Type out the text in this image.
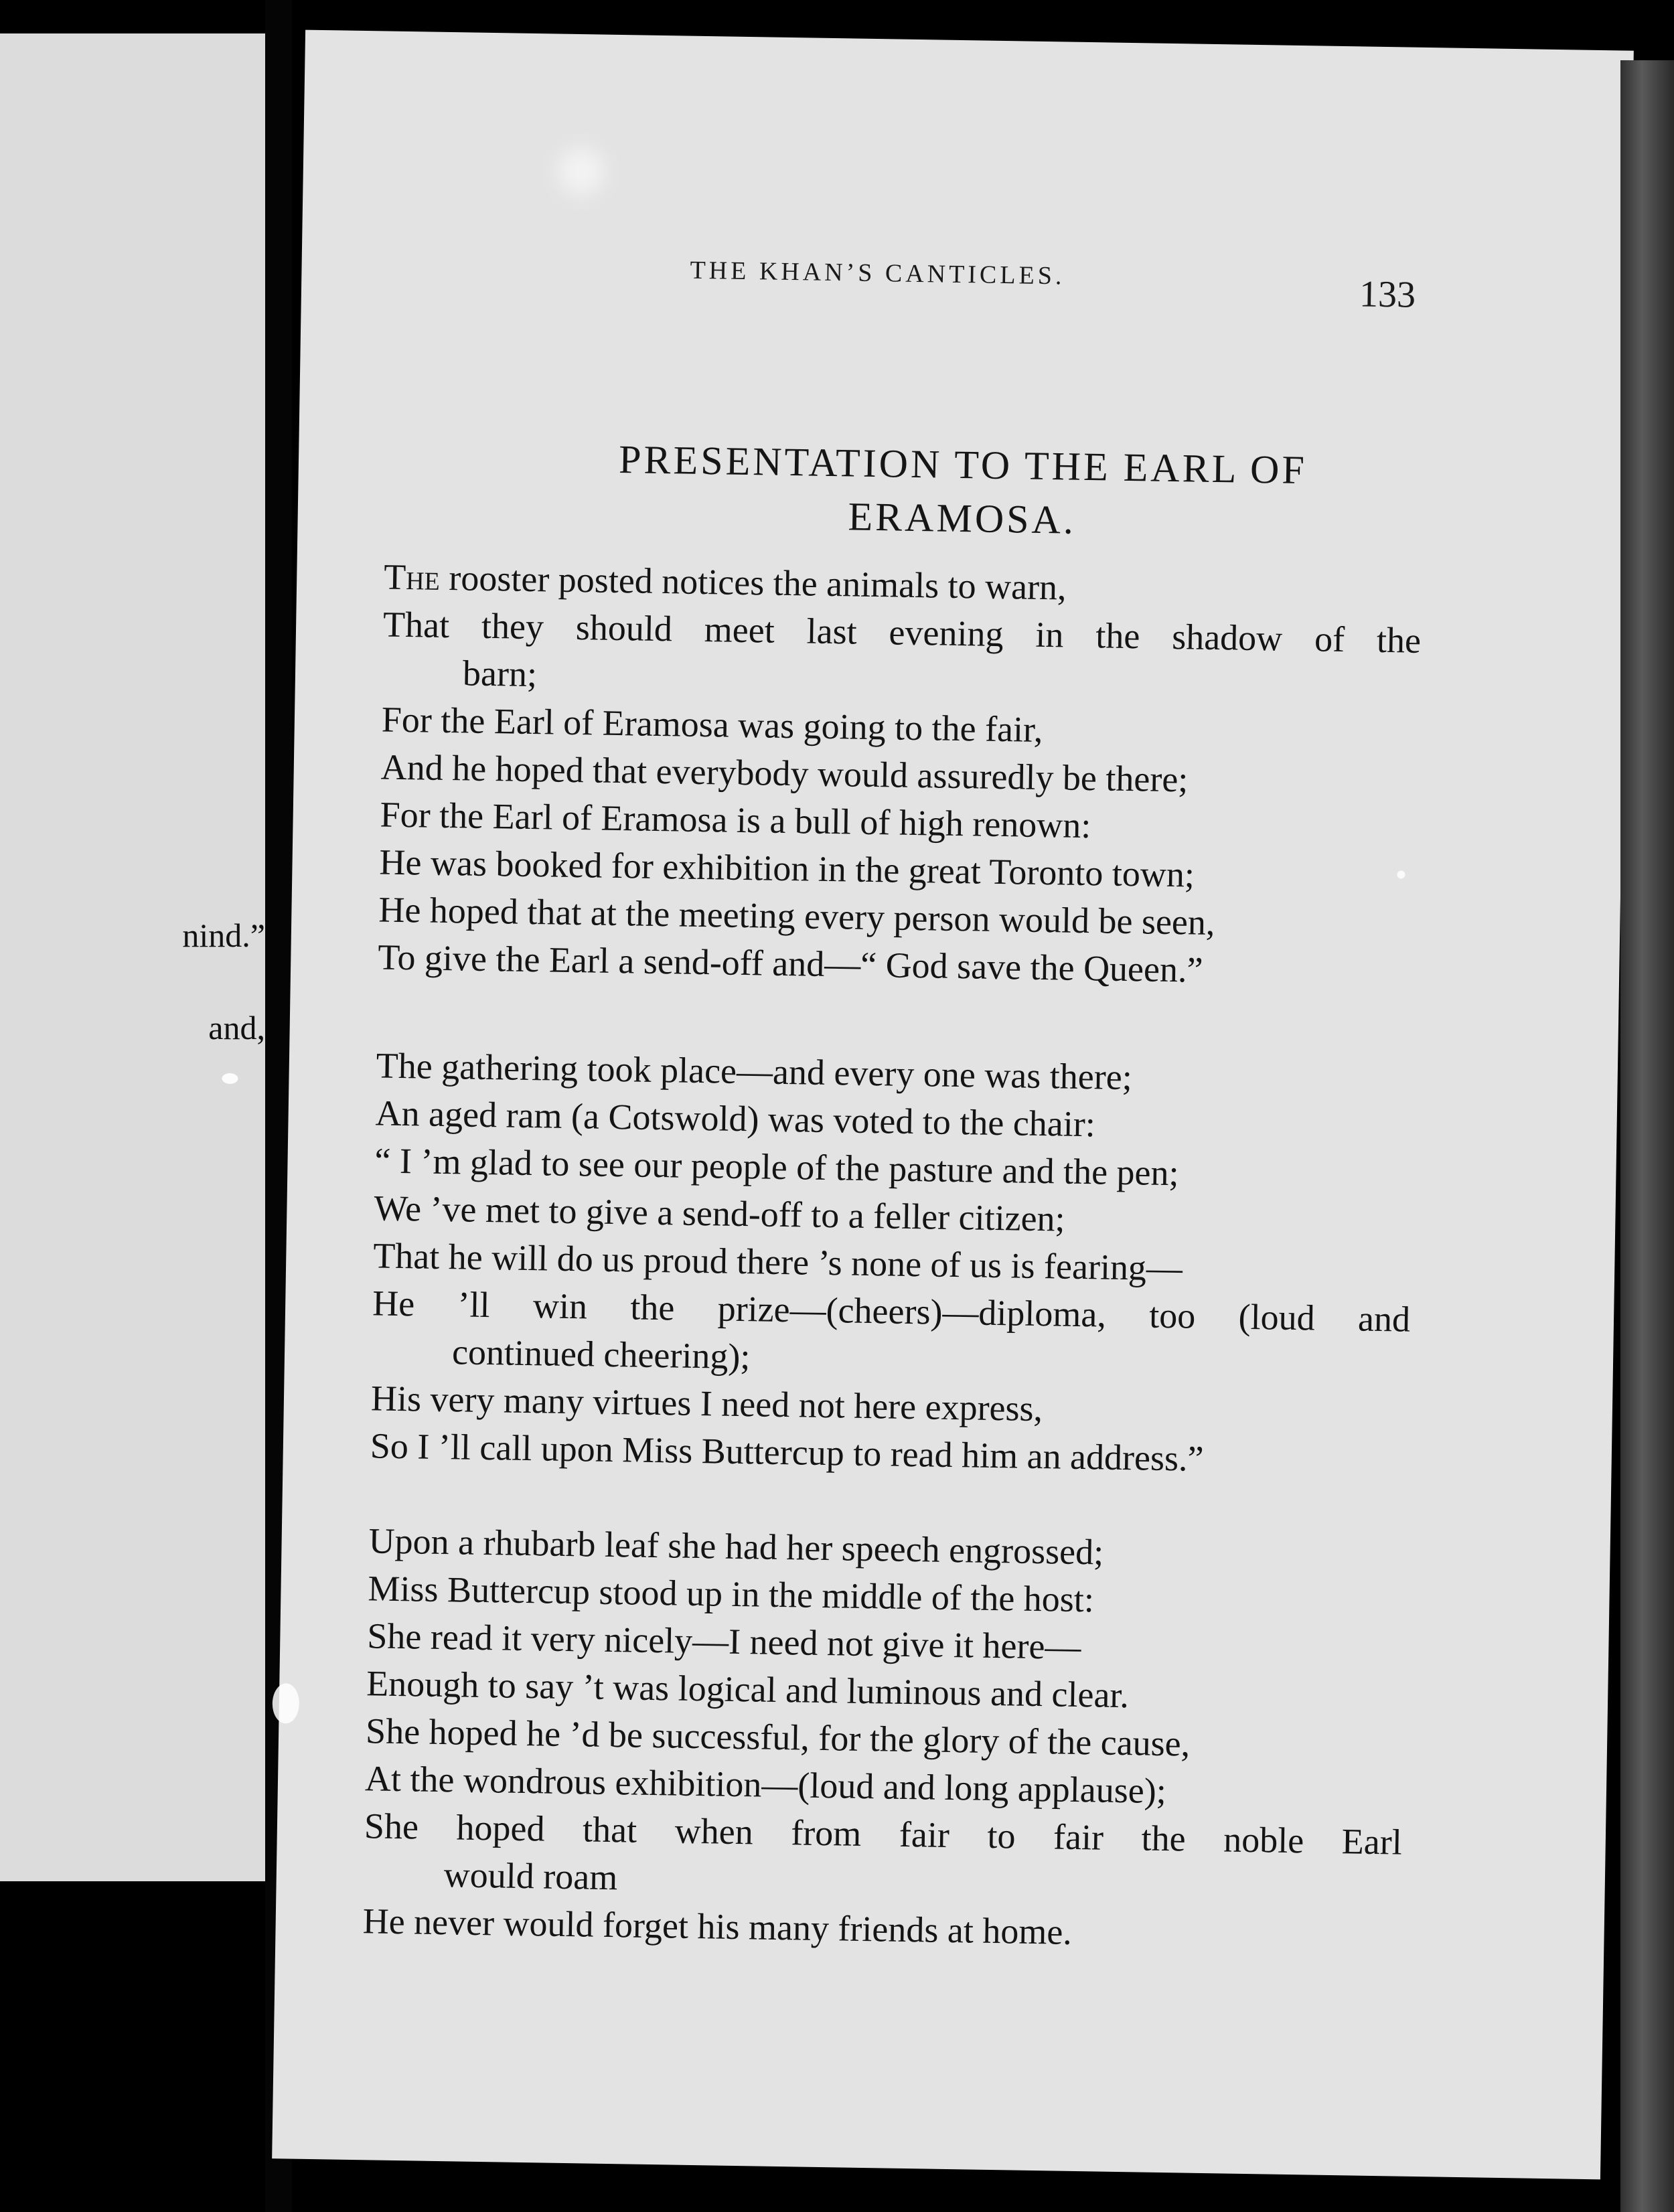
nind.”
and,
THE KHAN’S CANTICLES.
133
PRESENTATION TO THE EARL OF
ERAMOSA.
The rooster posted notices the animals to warn,
That they should meet last evening in the shadow of the
barn;
For the Earl of Eramosa was going to the fair,
And he hoped that everybody would assuredly be there;
For the Earl of Eramosa is a bull of high renown:
He was booked for exhibition in the great Toronto town;
He hoped that at the meeting every person would be seen,
To give the Earl a send-off and—“ God save the Queen.”
The gathering took place—and every one was there;
An aged ram (a Cotswold) was voted to the chair:
“ I ’m glad to see our people of the pasture and the pen;
We ’ve met to give a send-off to a feller citizen;
That he will do us proud there ’s none of us is fearing—
He ’ll win the prize—(cheers)—diploma, too (loud and
continued cheering);
His very many virtues I need not here express,
So I ’ll call upon Miss Buttercup to read him an address.”
Upon a rhubarb leaf she had her speech engrossed;
Miss Buttercup stood up in the middle of the host:
She read it very nicely—I need not give it here—
Enough to say ’t was logical and luminous and clear.
She hoped he ’d be successful, for the glory of the cause,
At the wondrous exhibition—(loud and long applause);
She hoped that when from fair to fair the noble Earl
would roam
He never would forget his many friends at home.
